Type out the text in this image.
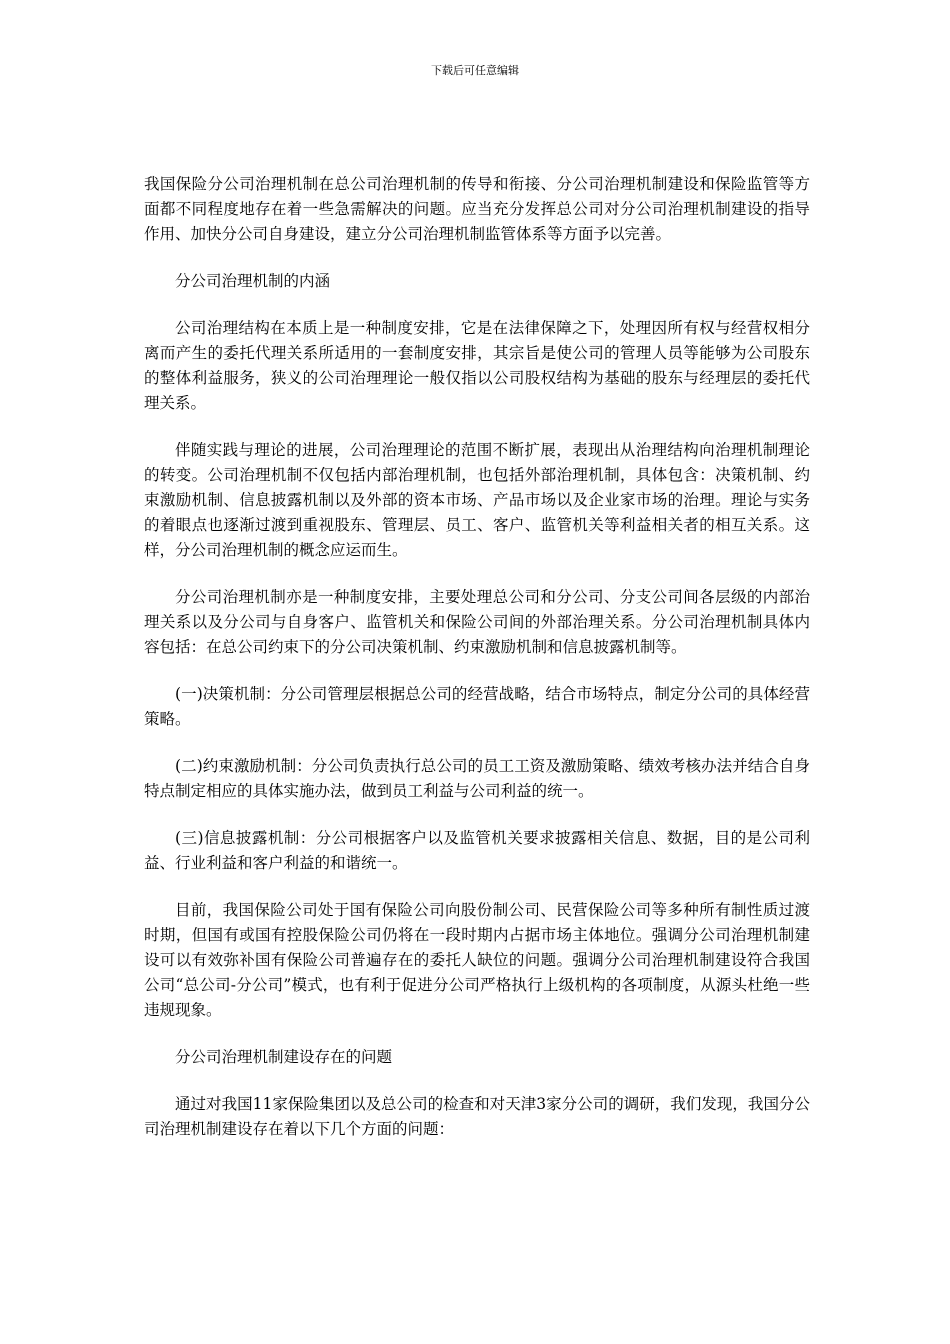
下载后可任意编辑

我国保险分公司治理机制在总公司治理机制的传导和衔接、分公司治理机制建设和保险监管等方面都不同程度地存在着一些急需解决的问题。应当充分发挥总公司对分公司治理机制建设的指导作用、加快分公司自身建设，建立分公司治理机制监管体系等方面予以完善。

分公司治理机制的内涵

公司治理结构在本质上是一种制度安排，它是在法律保障之下，处理因所有权与经营权相分离而产生的委托代理关系所适用的一套制度安排，其宗旨是使公司的管理人员等能够为公司股东的整体利益服务，狭义的公司治理理论一般仅指以公司股权结构为基础的股东与经理层的委托代理关系。

伴随实践与理论的进展，公司治理理论的范围不断扩展，表现出从治理结构向治理机制理论的转变。公司治理机制不仅包括内部治理机制，也包括外部治理机制，具体包含：决策机制、约束激励机制、信息披露机制以及外部的资本市场、产品市场以及企业家市场的治理。理论与实务的着眼点也逐渐过渡到重视股东、管理层、员工、客户、监管机关等利益相关者的相互关系。这样，分公司治理机制的概念应运而生。

分公司治理机制亦是一种制度安排，主要处理总公司和分公司、分支公司间各层级的内部治理关系以及分公司与自身客户、监管机关和保险公司间的外部治理关系。分公司治理机制具体内容包括：在总公司约束下的分公司决策机制、约束激励机制和信息披露机制等。

(一)决策机制：分公司管理层根据总公司的经营战略，结合市场特点，制定分公司的具体经营策略。

(二)约束激励机制：分公司负责执行总公司的员工工资及激励策略、绩效考核办法并结合自身特点制定相应的具体实施办法，做到员工利益与公司利益的统一。

(三)信息披露机制：分公司根据客户以及监管机关要求披露相关信息、数据，目的是公司利益、行业利益和客户利益的和谐统一。

目前，我国保险公司处于国有保险公司向股份制公司、民营保险公司等多种所有制性质过渡时期，但国有或国有控股保险公司仍将在一段时期内占据市场主体地位。强调分公司治理机制建设可以有效弥补国有保险公司普遍存在的委托人缺位的问题。强调分公司治理机制建设符合我国公司“总公司-分公司”模式，也有利于促进分公司严格执行上级机构的各项制度，从源头杜绝一些违规现象。

分公司治理机制建设存在的问题

通过对我国11家保险集团以及总公司的检查和对天津3家分公司的调研，我们发现，我国分公司治理机制建设存在着以下几个方面的问题：
